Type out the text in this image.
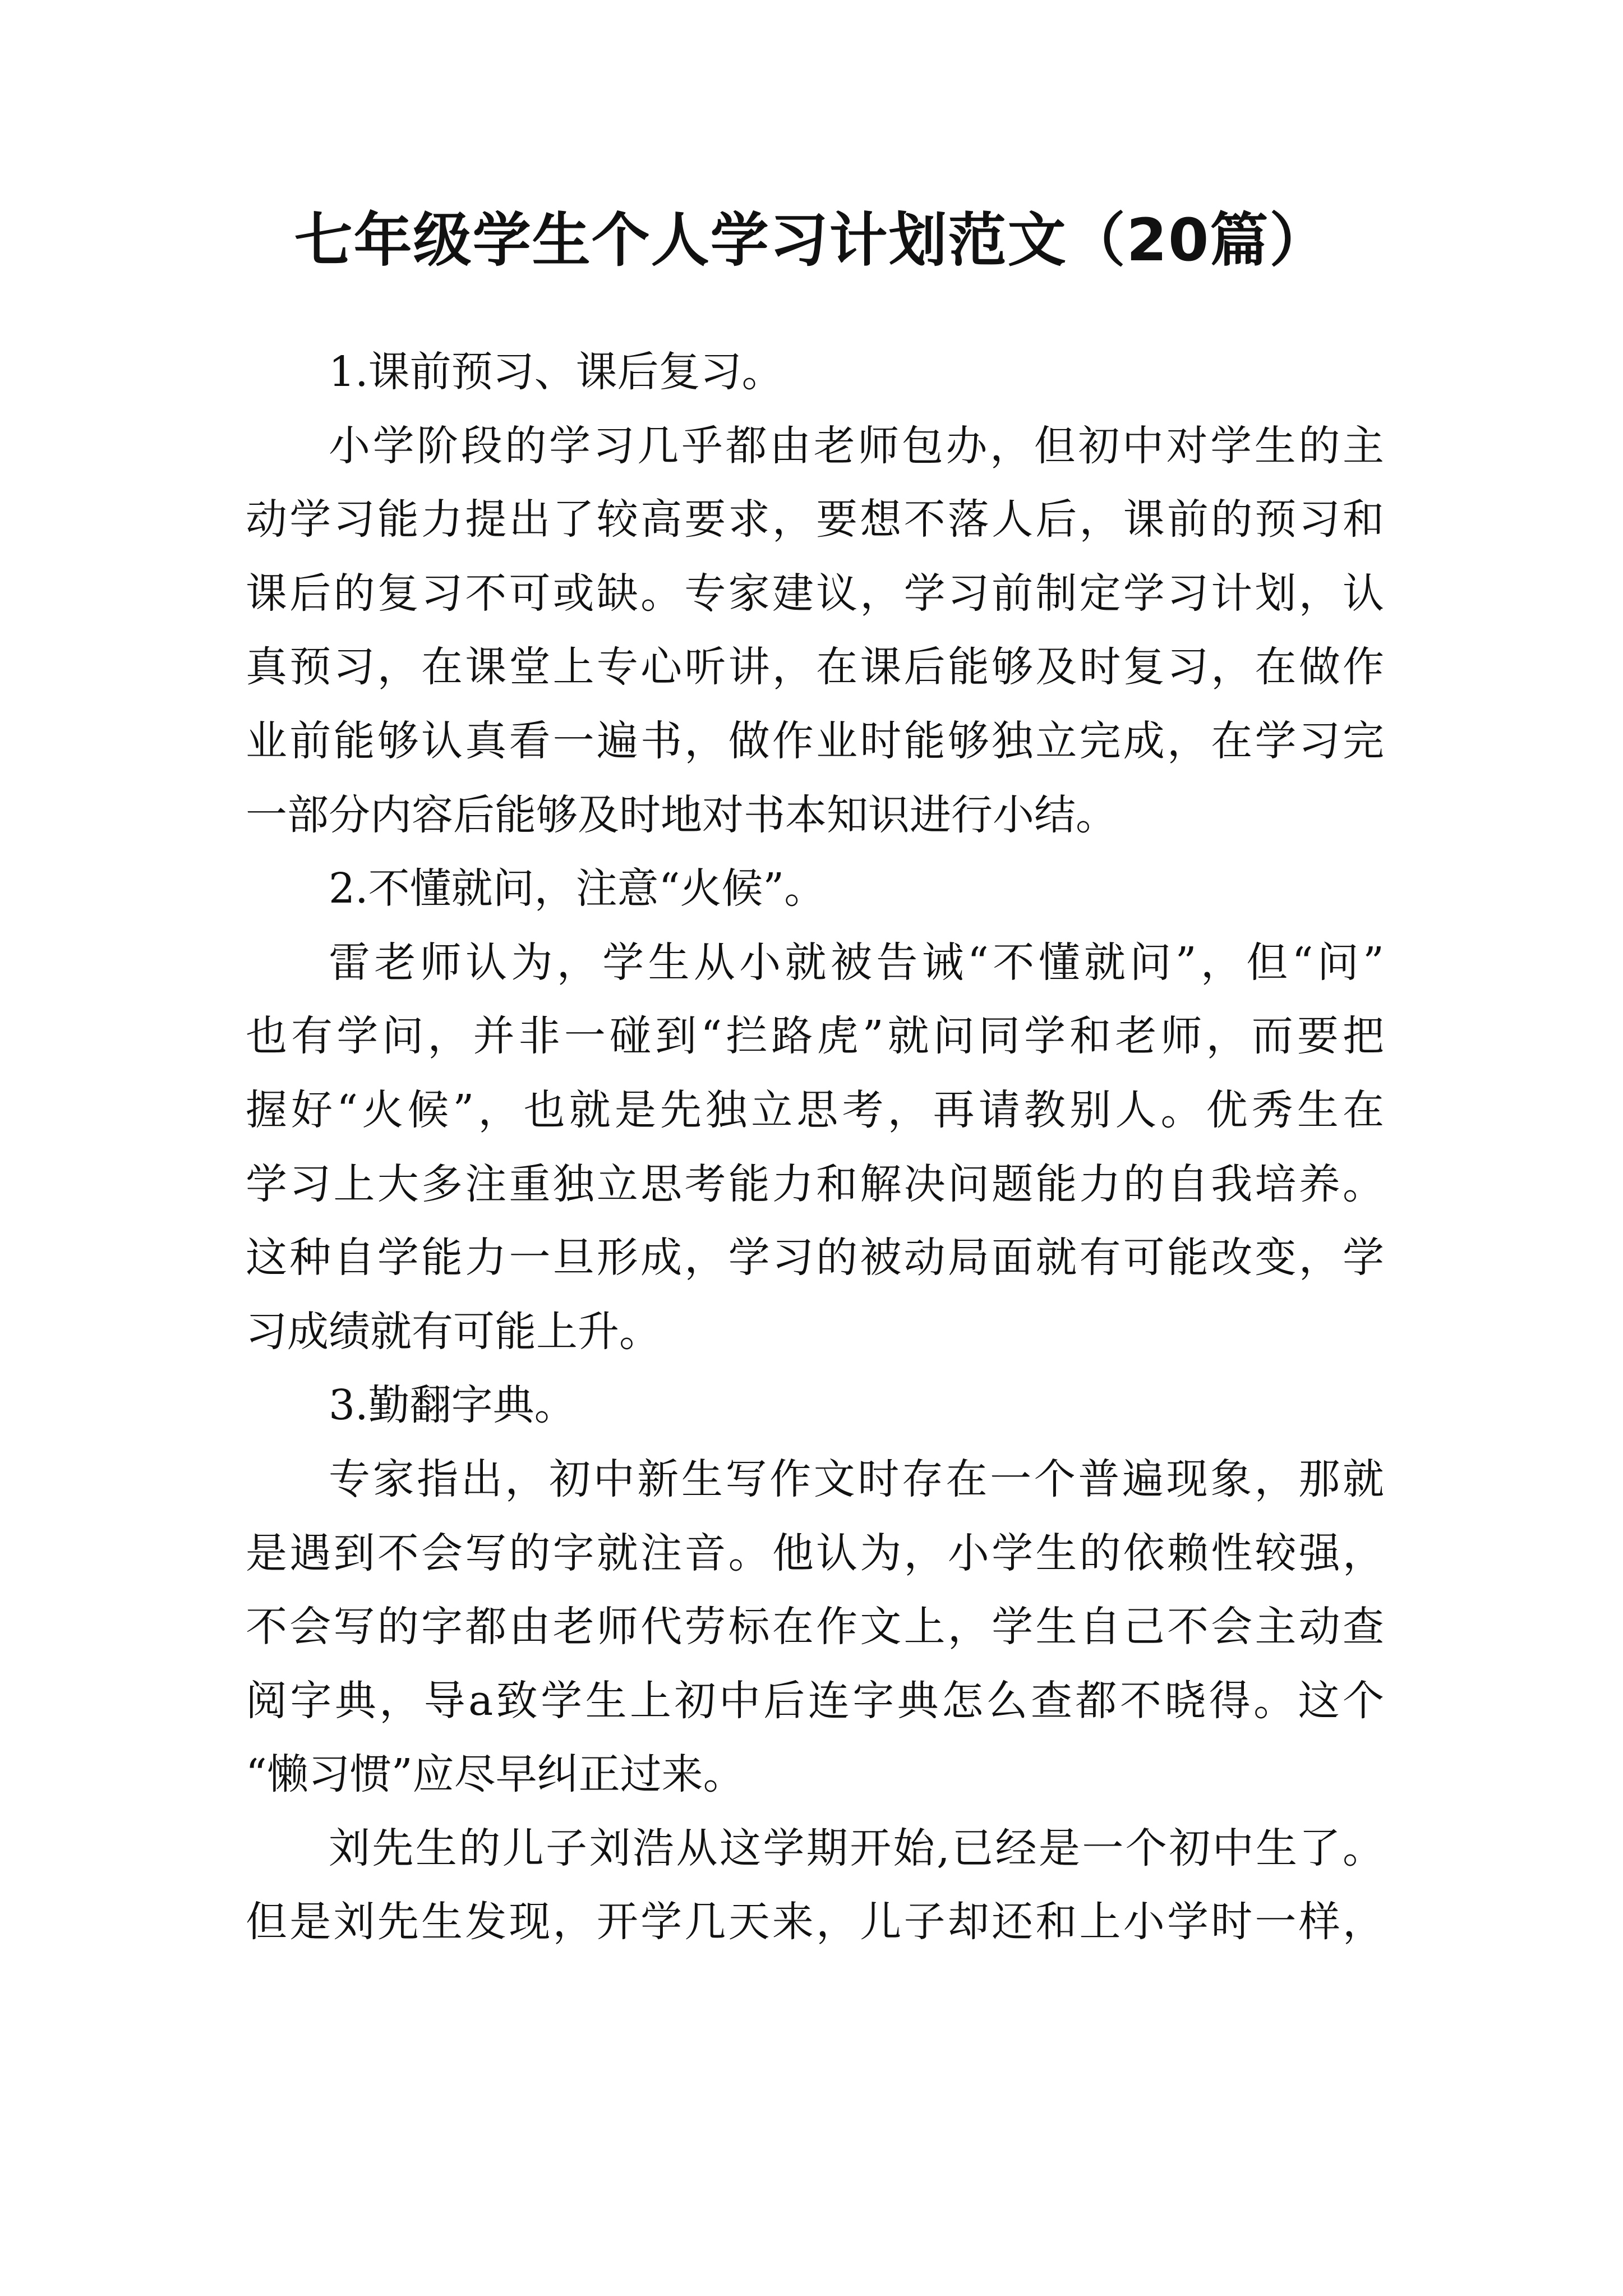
七年级学生个人学习计划范文（20篇）
1.课前预习、课后复习。
小学阶段的学习几乎都由老师包办，但初中对学生的主
动学习能力提出了较高要求，要想不落人后，课前的预习和
课后的复习不可或缺。专家建议，学习前制定学习计划，认
真预习，在课堂上专心听讲，在课后能够及时复习，在做作
业前能够认真看一遍书，做作业时能够独立完成，在学习完
一部分内容后能够及时地对书本知识进行小结。
2.不懂就问，注意“火候”。
雷老师认为，学生从小就被告诫“不懂就问”，但“问”
也有学问，并非一碰到“拦路虎”就问同学和老师，而要把
握好“火候”，也就是先独立思考，再请教别人。优秀生在
学习上大多注重独立思考能力和解决问题能力的自我培养。
这种自学能力一旦形成，学习的被动局面就有可能改变，学
习成绩就有可能上升。
3.勤翻字典。
专家指出，初中新生写作文时存在一个普遍现象，那就
是遇到不会写的字就注音。他认为，小学生的依赖性较强，
不会写的字都由老师代劳标在作文上，学生自己不会主动查
阅字典，导a致学生上初中后连字典怎么查都不晓得。这个
“懒习惯”应尽早纠正过来。
刘先生的儿子刘浩从这学期开始,已经是一个初中生了。
但是刘先生发现，开学几天来，儿子却还和上小学时一样，
